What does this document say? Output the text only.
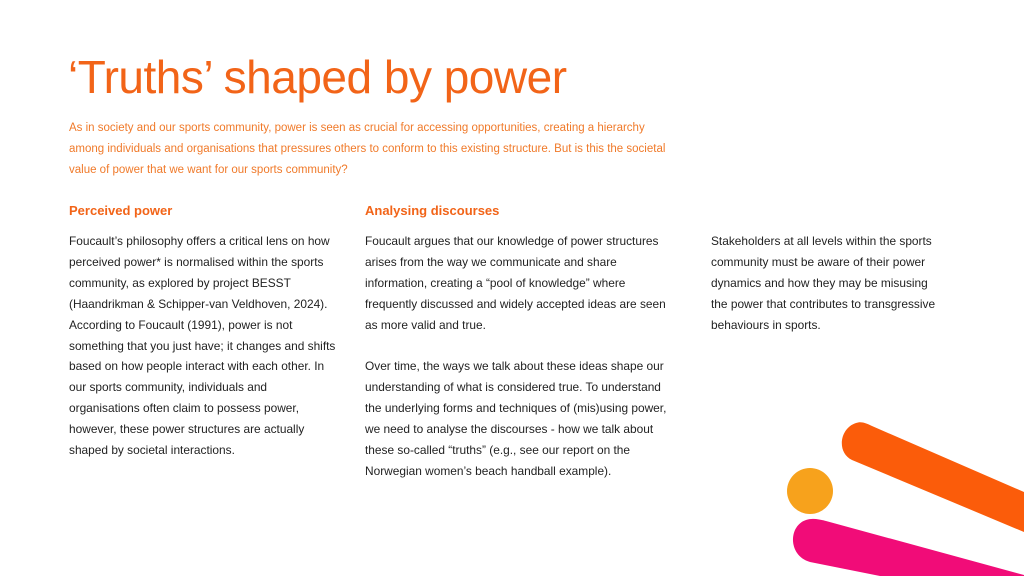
‘Truths’ shaped by power

As in society and our sports community, power is seen as crucial for accessing opportunities, creating a hierarchy among individuals and organisations that pressures others to conform to this existing structure. But is this the societal value of power that we want for our sports community?

Perceived power	Analysing discourses

Foucault’s philosophy offers a critical lens on how perceived power* is normalised within the sports community, as explored by project BESST (Haandrikman & Schipper-van Veldhoven, 2024).

According to Foucault (1991), power is not something that you just have; it changes and shifts based on how people interact with each other. In our sports community, individuals and organisations often claim to possess power, however, these power structures are actually shaped by societal interactions.

Foucault argues that our knowledge of power structures arises from the way we communicate and share information, creating a “pool of knowledge” where frequently discussed and widely accepted ideas are seen as more valid and true.

Over time, the ways we talk about these ideas shape our understanding of what is considered true. To understand the underlying forms and techniques of (mis)using power, we need to analyse the discourses - how we talk about these so-called “truths” (e.g., see our report on the Norwegian women’s beach handball example).

Stakeholders at all levels within the sports community must be aware of their power dynamics and how they may be misusing the power that contributes to transgressive behaviours in sports.
